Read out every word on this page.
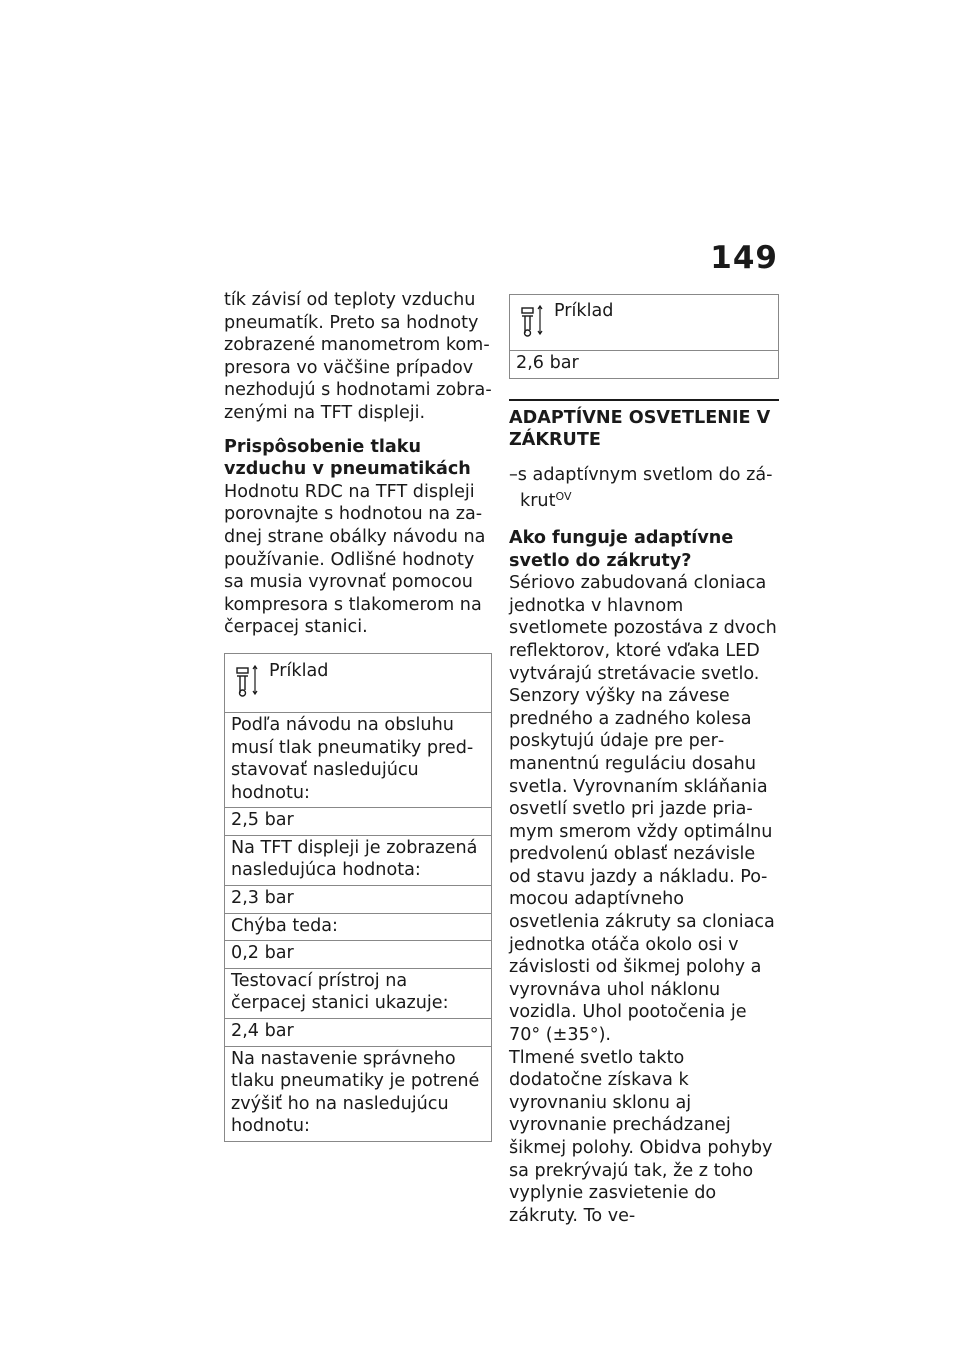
149

tík závisí od teploty vzduchu pneumatík. Preto sa hodnoty zobrazené manometrom kompresora vo väčšine prípadov nezhodujú s hodnotami zobrazenými na TFT displeji.

Prispôsobenie tlaku vzduchu v pneumatikách

Hodnotu RDC na TFT displeji porovnajte s hodnotou na zadnej strane obálky návodu na používanie. Odlišné hodnoty sa musia vyrovnať pomocou kompresora s tlakomerom na čerpacej stanici.

Príklad
Podľa návodu na obsluhu musí tlak pneumatiky predstavovať nasledujúcu hodnotu:
2,5 bar
Na TFT displeji je zobrazená nasledujúca hodnota:
2,3 bar
Chýba teda:
0,2 bar
Testovací prístroj na čerpacej stanici ukazuje:
2,4 bar
Na nastavenie správneho tlaku pneumatiky je potrené zvýšiť ho na nasledujúcu hodnotu:
Príklad
2,6 bar
ADAPTÍVNE OSVETLENIE V ZÁKRUTE

–s adaptívnym svetlom do zákrut$^{OV}$

Ako funguje adaptívne svetlo do zákruty?

Sériovo zabudovaná cloniaca jednotka v hlavnom svetlomete pozostáva z dvoch reflektorov, ktoré vďaka LED vytvárajú stretávacie svetlo. Senzory výšky na závese predného a zadného kolesa poskytujú údaje pre permanentnú reguláciu dosahu svetla. Vyrovnaním skláňania osvetlí svetlo pri jazde priamym smerom vždy optimálnu predvolenú oblasť nezávisle od stavu jazdy a nákladu. Pomocou adaptívneho osvetlenia zákruty sa cloniaca jednotka otáča okolo osi v závislosti od šikmej polohy a vyrovnáva uhol náklonu vozidla. Uhol pootočenia je 70° (±35°).

Tlmené svetlo takto dodatočne získava k vyrovnaniu sklonu aj vyrovnanie prechádzanej šikmej polohy. Obidva pohyby sa prekrývajú tak, že z toho vyplynie zasvietenie do zákruty. To ve-
